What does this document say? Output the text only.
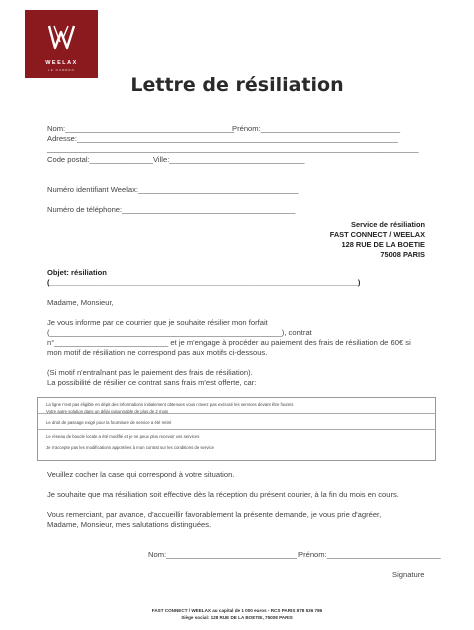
WEELAX
LE NUMÉRO
Lettre de résiliation
Nom:________________________________________
Prénom:_________________________________
Adresse:____________________________________________________________________________
________________________________________________________________________________________
Code postal:_______________Ville:________________________________
Numéro identifiant Weelax:______________________________________
Numéro de téléphone:_________________________________________
Service de résiliation
FAST CONNECT / WEELAX
128 RUE DE LA BOETIE
75008 PARIS
Objet: résiliation
(_________________________________________________________________________)
Madame, Monsieur,
Je vous informe par ce courrier que je souhaite résilier mon forfait
(_______________________________________________________), contrat
n°___________________________ et je m'engage à procéder au paiement des frais de résiliation de 60€ si
mon motif de résiliation ne correspond pas aux motifs ci-dessous.
(Si motif n'entraînant pas le paiement des frais de résiliation).
La possibilité de résilier ce contrat sans frais m'est offerte, car:
La ligne n'est pas éligible en dépit des informations initialement obtenues vous n'avez pas exécuté les services devant être fournis
Votre autre solution dans un délai raisonnable de plus de 2 mois
Le droit de passage exigé pour la fourniture de service a été retiré
Le réseau de boucle locale a été modifié et je ne peux plus recevoir vos services
Je n'accepte pas les modifications apportées à mon contrat sur les conditions de service
Veuillez cocher la case qui correspond à votre situation.
Je souhaite que ma résiliation soit effective dès la réception du présent courier, à la fin du mois en cours.
Vous remerciant, par avance, d'accueillir favorablement la présente demande, je vous prie d'agréer,
Madame, Monsieur, mes salutations distinguées.
Nom:_______________________________ Prénom:___________________________
Signature
FAST CONNECT / WEELAX au capital de 1 000 euros - RCS PARIS 878 536 786
Siège social: 128 RUE DE LA BOETIE, 75008 PARIS
